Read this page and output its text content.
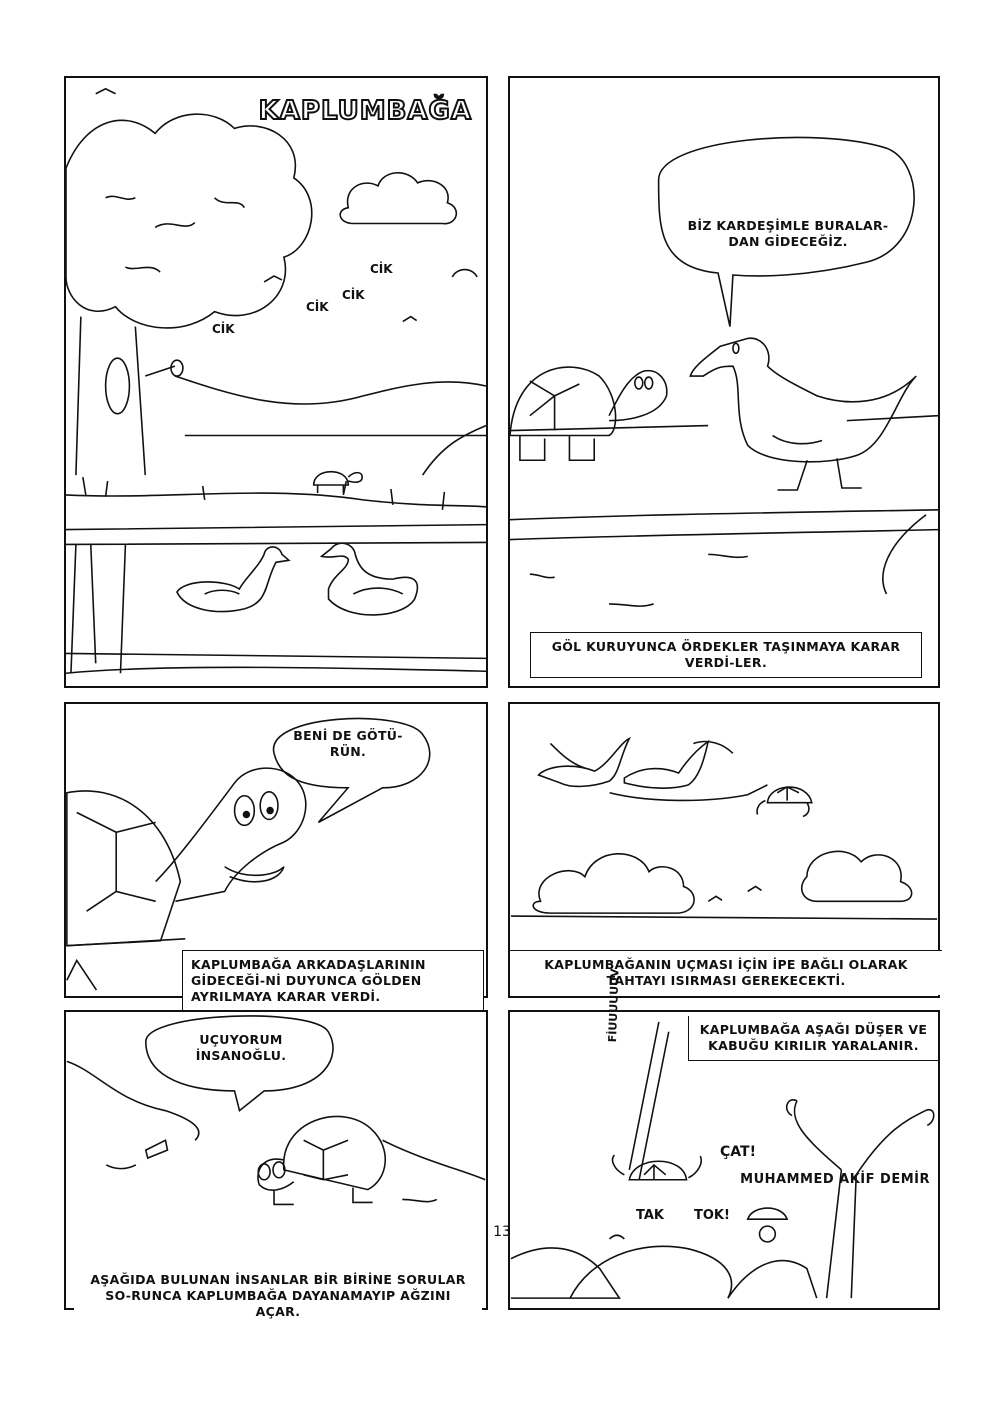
KAPLUMBAĞA
CİK
CİK
CİK
CİK
BİZ KARDEŞİMLE BURALAR-DAN GİDECEĞİZ.
GÖL KURUYUNCA ÖRDEKLER TAŞINMAYA KARAR VERDİ-LER.
BENİ DE GÖTÜ-RÜN.
KAPLUMBAĞA ARKADAŞLARININ GİDECEĞİ-Nİ DUYUNCA GÖLDEN AYRILMAYA KARAR VERDİ.
KAPLUMBAĞANIN UÇMASI İÇİN İPE BAĞLI OLARAK TAHTAYI ISIRMASI GEREKECEKTİ.
UÇUYORUM İNSANOĞLU.
AŞAĞIDA BULUNAN İNSANLAR BİR BİRİNE SORULAR SO-RUNCA KAPLUMBAĞA DAYANAMAYIP AĞZINI AÇAR.
KAPLUMBAĞA AŞAĞI DÜŞER VE KABUĞU KIRILIR YARALANIR.
FİUUUUUUV
ÇAT!
TAK TOK!
MUHAMMED AKİF DEMİR
13
